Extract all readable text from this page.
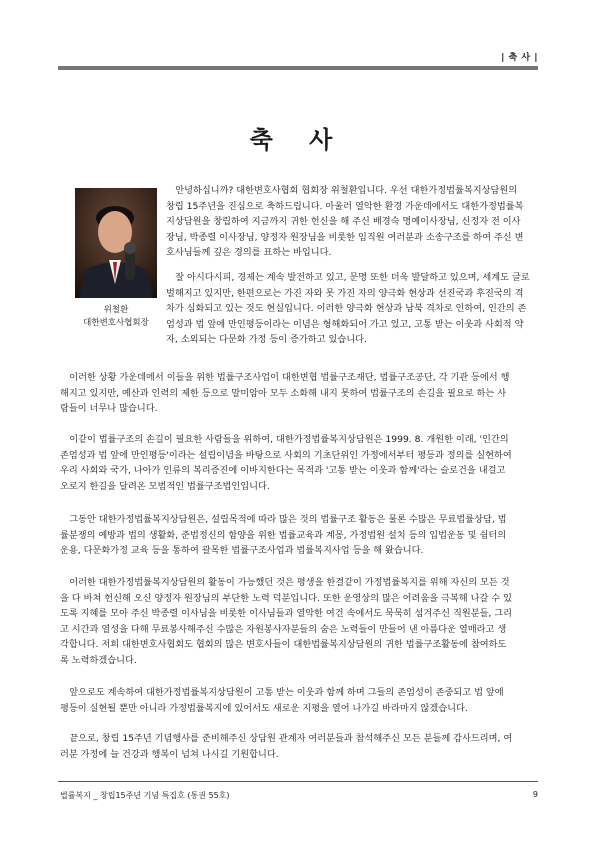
| 축 사 |
축 사
위철환
대한변호사협회장

안녕하십니까? 대한변호사협회 협회장 위철환입니다. 우선 대한가정법률복지상담원의
창립 15주년을 진심으로 축하드립니다. 아울러 열악한 환경 가운데에서도 대한가정법률복
지상담원을 창립하여 지금까지 귀한 헌신을 해 주신 배경숙 명예이사장님, 신정자 전 이사
장님, 박종렬 이사장님, 양정자 원장님을 비롯한 임직원 여러분과 소송구조를 하여 주신 변
호사님들께 깊은 경의를 표하는 바입니다.

잘 아시다시피, 경제는 계속 발전하고 있고, 문명 또한 더욱 발달하고 있으며, 세계도 글로
벌해지고 있지만, 한편으로는 가진 자와 못 가진 자의 양극화 현상과 선진국과 후진국의 격
차가 심화되고 있는 것도 현실입니다. 이러한 양극화 현상과 남북 격차로 인하여, 인간의 존
엄성과 법 앞에 만인평등이라는 이념은 형해화되어 가고 있고, 고통 받는 이웃과 사회적 약
자, 소외되는 다문화 가정 등이 증가하고 있습니다.

이러한 상황 가운데에서 이들을 위한 법률구조사업이 대한변협 법률구조재단, 법률구조공단, 각 기관 등에서 행
해지고 있지만, 예산과 인력의 제한 등으로 말미암아 모두 소화해 내지 못하여 법률구조의 손길을 필요로 하는 사
람들이 너무나 많습니다.

이같이 법률구조의 손길이 필요한 사람들을 위하여, 대한가정법률복지상담원은 1999. 8. 개원한 이래, '인간의
존엄성과 법 앞에 만인평등'이라는 설립이념을 바탕으로 사회의 기초단위인 가정에서부터 평등과 정의를 실현하여
우리 사회와 국가, 나아가 인류의 복리증진에 이바지한다는 목적과 '고통 받는 이웃과 함께'라는 슬로건을 내걸고
오로지 한길을 달려온 모범적인 법률구조법인입니다.

그동안 대한가정법률복지상담원은, 설립목적에 따라 많은 것의 법률구조 활동은 물론 수많은 무료법률상담, 법
률분쟁의 예방과 법의 생활화, 준법정신의 함양을 위한 법률교육과 계몽, 가정법원 설치 등의 입법운동 및 쉼터의
운용, 다문화가정 교육 등을 통하여 괄목한 법률구조사업과 법률복지사업 등을 해 왔습니다.

이러한 대한가정법률복지상담원의 활동이 가능했던 것은 평생을 한결같이 가정법률복지를 위해 자신의 모든 것
을 다 바쳐 헌신해 오신 양정자 원장님의 부단한 노력 덕분입니다. 또한 운영상의 많은 어려움을 극복해 나갈 수 있
도록 지혜를 모아 주신 박종렬 이사님을 비롯한 이사님들과 열악한 여건 속에서도 묵묵히 섬겨주신 직원분들, 그리
고 시간과 열성을 다해 무료봉사해주신 수많은 자원봉사자분들의 숨은 노력들이 만들어 낸 아름다운 열매라고 생
각합니다. 저희 대한변호사협회도 협회의 많은 변호사들이 대한법률복지상담원의 귀한 법률구조활동에 참여하도
록 노력하겠습니다.

앞으로도 계속하여 대한가정법률복지상담원이 고통 받는 이웃과 함께 하며 그들의 존엄성이 존중되고 법 앞에
평등이 실현될 뿐만 아니라 가정법률복지에 있어서도 새로운 지평을 열어 나가길 바라마지 않겠습니다.

끝으로, 창립 15주년 기념행사를 준비해주신 상담원 관계자 여러분들과 참석해주신 모든 분들께 감사드리며, 여
러분 가정에 늘 건강과 행복이 넘쳐 나시길 기원합니다.

법률복지 _ 창립15주년 기념 특집호 (통권 55호)	9
